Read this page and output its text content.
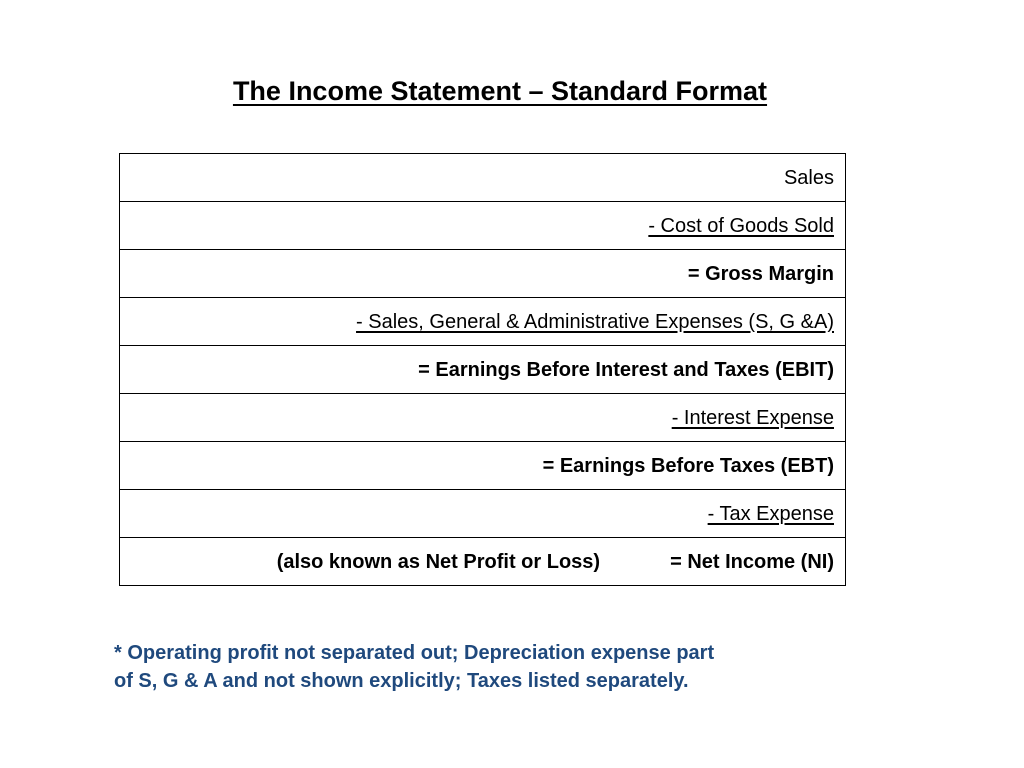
The Income Statement – Standard Format
Sales
- Cost of Goods Sold
= Gross Margin
- Sales, General & Administrative Expenses (S, G &A)
= Earnings Before Interest and Taxes (EBIT)
- Interest Expense
= Earnings Before Taxes (EBT)
- Tax Expense
(also known as Net Profit or Loss)	= Net Income (NI)
* Operating profit not separated out; Depreciation expense part
of S, G & A and not shown explicitly; Taxes listed separately.
